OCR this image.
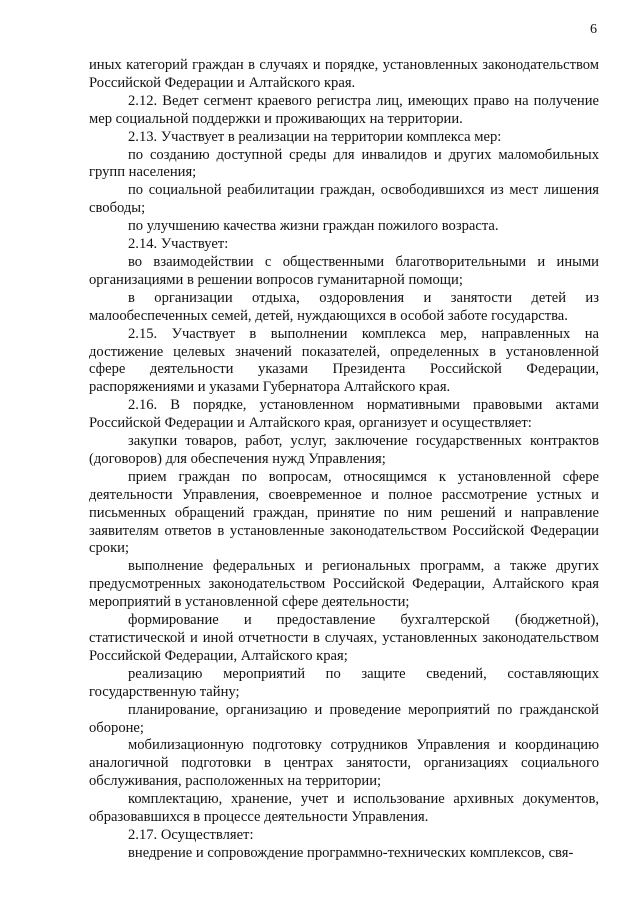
6

иных категорий граждан в случаях и порядке, установленных законодательством Российской Федерации и Алтайского края.

2.12. Ведет сегмент краевого регистра лиц, имеющих право на получение мер социальной поддержки и проживающих на территории.

2.13. Участвует в реализации на территории комплекса мер:

по созданию доступной среды для инвалидов и других маломобильных групп населения;

по социальной реабилитации граждан, освободившихся из мест лишения свободы;

по улучшению качества жизни граждан пожилого возраста.

2.14. Участвует:

во взаимодействии с общественными благотворительными и иными организациями в решении вопросов гуманитарной помощи;

в организации отдыха, оздоровления и занятости детей из малообеспеченных семей, детей, нуждающихся в особой заботе государства.

2.15. Участвует в выполнении комплекса мер, направленных на достижение целевых значений показателей, определенных в установленной сфере деятельности указами Президента Российской Федерации, распоряжениями и указами Губернатора Алтайского края.

2.16. В порядке, установленном нормативными правовыми актами Российской Федерации и Алтайского края, организует и осуществляет:

закупки товаров, работ, услуг, заключение государственных контрактов (договоров) для обеспечения нужд Управления;

прием граждан по вопросам, относящимся к установленной сфере деятельности Управления, своевременное и полное рассмотрение устных и письменных обращений граждан, принятие по ним решений и направление заявителям ответов в установленные законодательством Российской Федерации сроки;

выполнение федеральных и региональных программ, а также других предусмотренных законодательством Российской Федерации, Алтайского края мероприятий в установленной сфере деятельности;

формирование и предоставление бухгалтерской (бюджетной), статистической и иной отчетности в случаях, установленных законодательством Российской Федерации, Алтайского края;

реализацию мероприятий по защите сведений, составляющих государственную тайну;

планирование, организацию и проведение мероприятий по гражданской обороне;

мобилизационную подготовку сотрудников Управления и координацию аналогичной подготовки в центрах занятости, организациях социального обслуживания, расположенных на территории;

комплектацию, хранение, учет и использование архивных документов, образовавшихся в процессе деятельности Управления.

2.17. Осуществляет:

внедрение и сопровождение программно-технических комплексов, свя-
